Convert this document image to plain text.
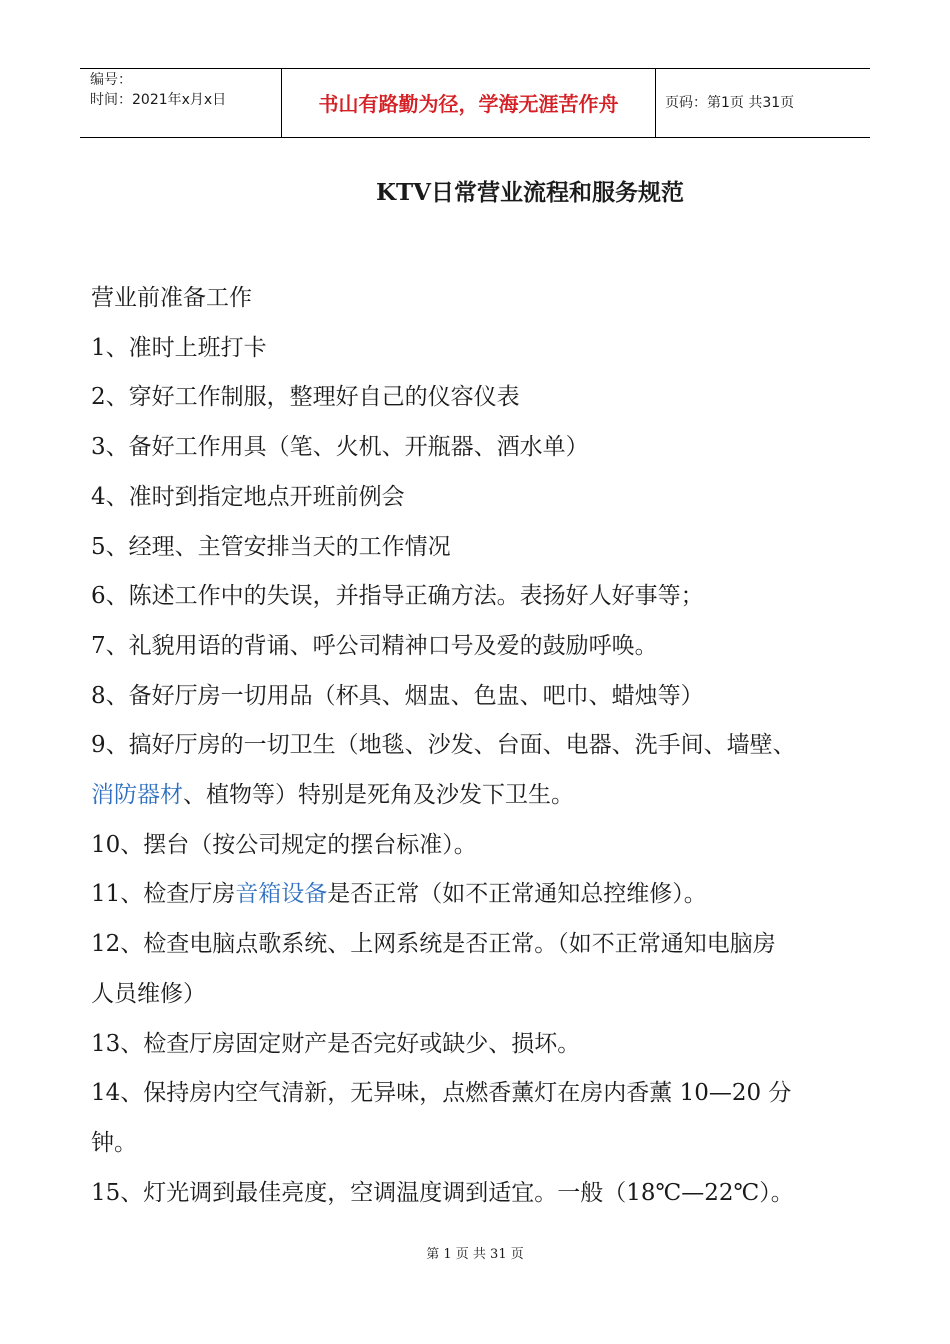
编号：
时间：2021年x月x日	书山有路勤为径，学海无涯苦作舟	页码：第1页 共31页
KTV日常营业流程和服务规范

营业前准备工作

1、准时上班打卡

2、穿好工作制服，整理好自己的仪容仪表

3、备好工作用具（笔、火机、开瓶器、酒水单）

4、准时到指定地点开班前例会

5、经理、主管安排当天的工作情况

6、陈述工作中的失误，并指导正确方法。表扬好人好事等；

7、礼貌用语的背诵、呼公司精神口号及爱的鼓励呼唤。

8、备好厅房一切用品（杯具、烟盅、色盅、吧巾、蜡烛等）

9、搞好厅房的一切卫生（地毯、沙发、台面、电器、洗手间、墙壁、

消防器材、植物等）特别是死角及沙发下卫生。

10、摆台（按公司规定的摆台标准）。

11、检查厅房音箱设备是否正常（如不正常通知总控维修）。

12、检查电脑点歌系统、上网系统是否正常。（如不正常通知电脑房

人员维修）

13、检查厅房固定财产是否完好或缺少、损坏。

14、保持房内空气清新，无异味，点燃香薰灯在房内香薰 10—20 分

钟。

15、灯光调到最佳亮度，空调温度调到适宜。一般（18℃—22℃）。

第 1 页 共 31 页
